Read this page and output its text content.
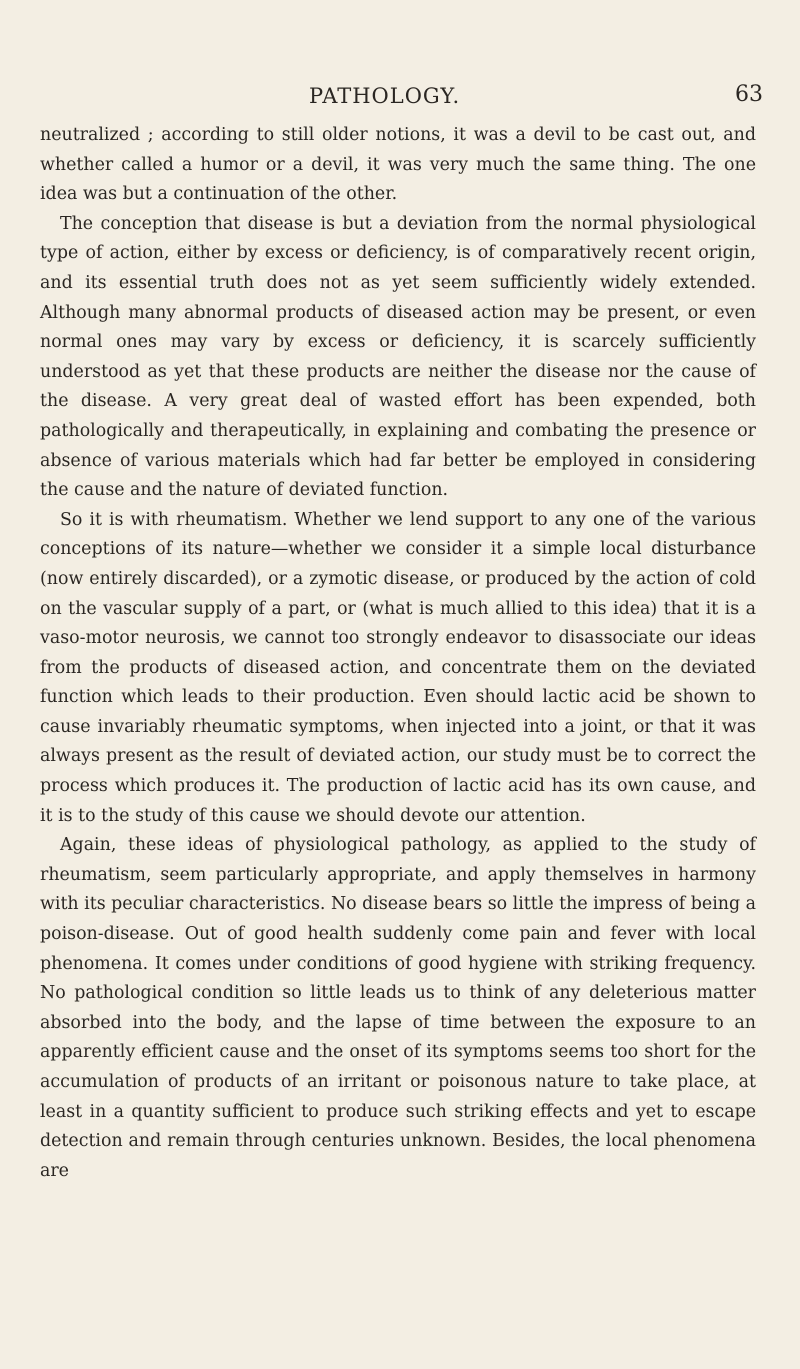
PATHOLOGY.	63

neutralized ; according to still older notions, it was a devil to be cast out, and whether called a humor or a devil, it was very much the same thing. The one idea was but a continuation of the other.

The conception that disease is but a deviation from the normal physiological type of action, either by excess or deficiency, is of comparatively recent origin, and its essential truth does not as yet seem sufficiently widely extended. Although many abnormal products of diseased action may be present, or even normal ones may vary by excess or deficiency, it is scarcely sufficiently understood as yet that these products are neither the disease nor the cause of the disease. A very great deal of wasted effort has been expended, both pathologically and therapeutically, in explaining and combating the presence or absence of various materials which had far better be employed in considering the cause and the nature of deviated function.

So it is with rheumatism. Whether we lend support to any one of the various conceptions of its nature—whether we consider it a simple local disturbance (now entirely discarded), or a zymotic disease, or produced by the action of cold on the vascular supply of a part, or (what is much allied to this idea) that it is a vaso-motor neurosis, we cannot too strongly endeavor to disassociate our ideas from the products of diseased action, and concentrate them on the deviated function which leads to their production. Even should lactic acid be shown to cause invariably rheumatic symptoms, when injected into a joint, or that it was always present as the result of deviated action, our study must be to correct the process which produces it. The production of lactic acid has its own cause, and it is to the study of this cause we should devote our attention.

Again, these ideas of physiological pathology, as applied to the study of rheumatism, seem particularly appropriate, and apply themselves in harmony with its peculiar characteristics. No disease bears so little the impress of being a poison-disease. Out of good health suddenly come pain and fever with local phenomena. It comes under conditions of good hygiene with striking frequency. No pathological condition so little leads us to think of any deleterious matter absorbed into the body, and the lapse of time between the exposure to an apparently efficient cause and the onset of its symptoms seems too short for the accumulation of products of an irritant or poisonous nature to take place, at least in a quantity sufficient to produce such striking effects and yet to escape detection and remain through centuries unknown. Besides, the local phenomena are
